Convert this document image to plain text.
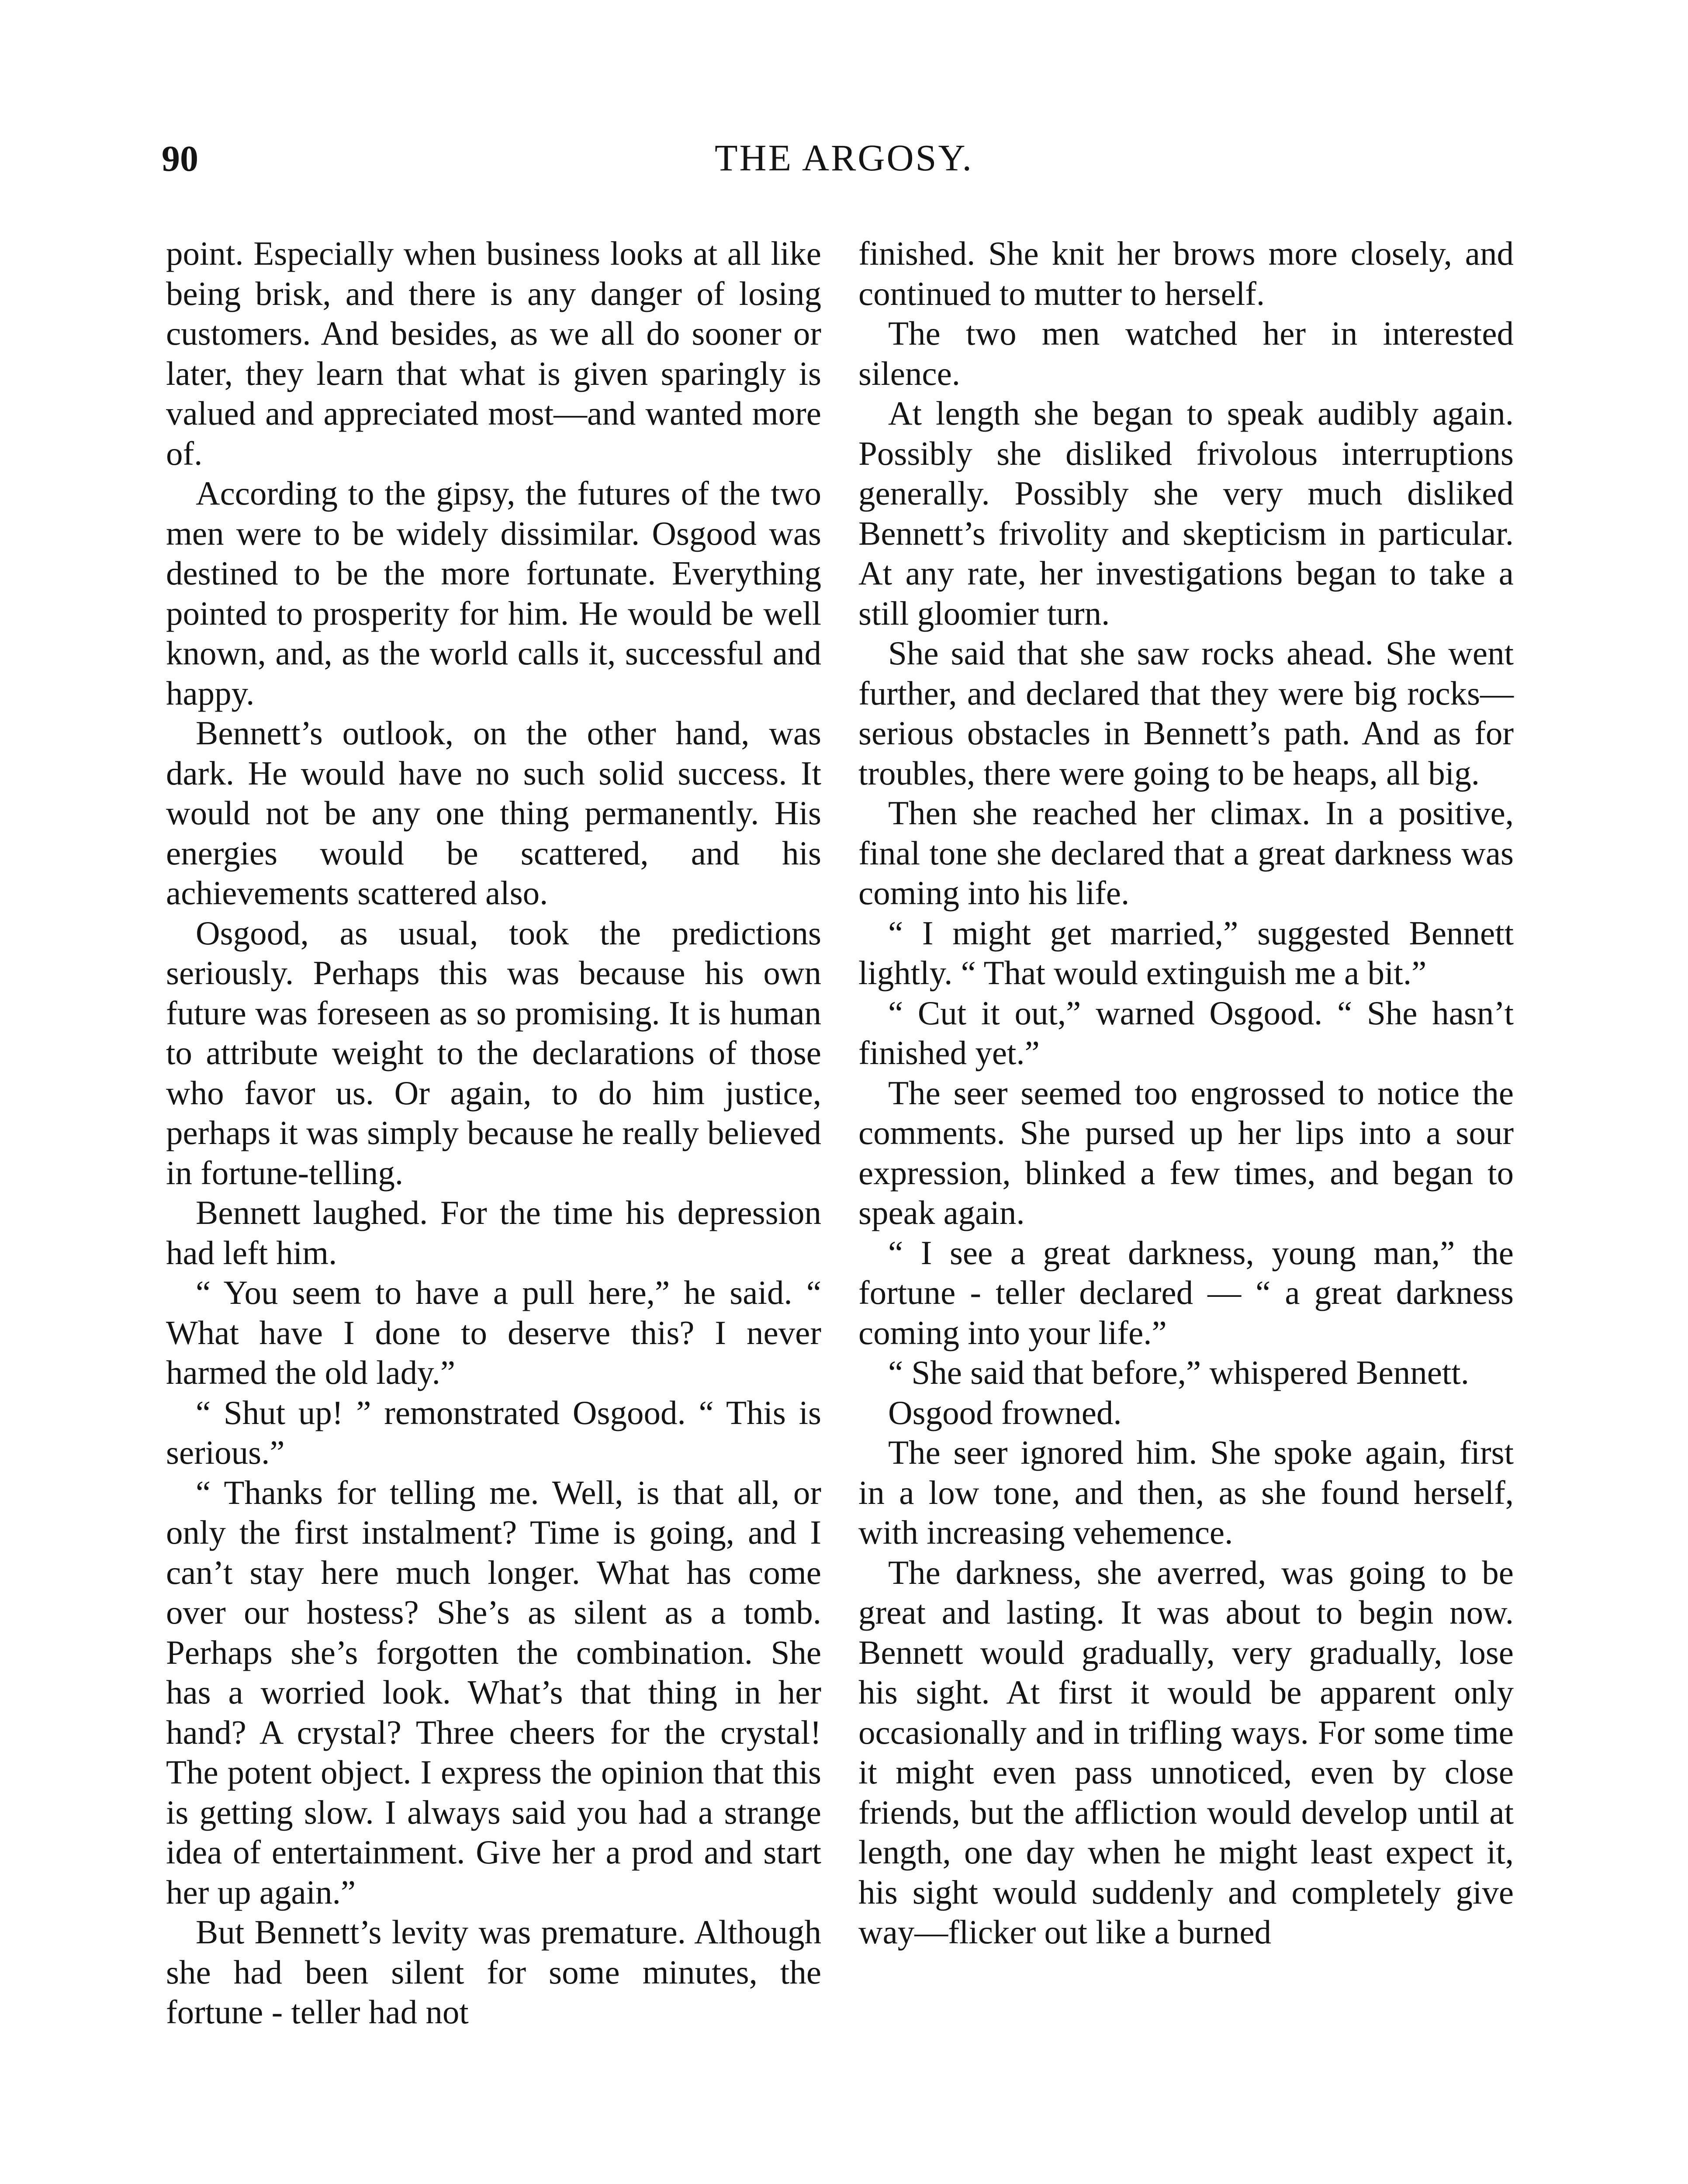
90	THE ARGOSY.

point. Especially when business looks at all like being brisk, and there is any danger of losing customers. And besides, as we all do sooner or later, they learn that what is given sparingly is valued and appreciated most—and wanted more of.

According to the gipsy, the futures of the two men were to be widely dissimilar. Osgood was destined to be the more fortunate. Everything pointed to prosperity for him. He would be well known, and, as the world calls it, successful and happy.

Bennett’s outlook, on the other hand, was dark. He would have no such solid success. It would not be any one thing permanently. His energies would be scattered, and his achievements scattered also.

Osgood, as usual, took the predictions seriously. Perhaps this was because his own future was foreseen as so promising. It is human to attribute weight to the declarations of those who favor us. Or again, to do him justice, perhaps it was simply because he really believed in fortune-telling.

Bennett laughed. For the time his depression had left him.

“ You seem to have a pull here,” he said. “ What have I done to deserve this? I never harmed the old lady.”

“ Shut up! ” remonstrated Osgood. “ This is serious.”

“ Thanks for telling me. Well, is that all, or only the first instalment? Time is going, and I can’t stay here much longer. What has come over our hostess? She’s as silent as a tomb. Perhaps she’s forgotten the combination. She has a worried look. What’s that thing in her hand? A crystal? Three cheers for the crystal! The potent object. I express the opinion that this is getting slow. I always said you had a strange idea of entertainment. Give her a prod and start her up again.”

But Bennett’s levity was premature. Although she had been silent for some minutes, the fortune - teller had not

finished. She knit her brows more closely, and continued to mutter to herself.

The two men watched her in interested silence.

At length she began to speak audibly again. Possibly she disliked frivolous interruptions generally. Possibly she very much disliked Bennett’s frivolity and skepticism in particular. At any rate, her investigations began to take a still gloomier turn.

She said that she saw rocks ahead. She went further, and declared that they were big rocks—serious obstacles in Bennett’s path. And as for troubles, there were going to be heaps, all big.

Then she reached her climax. In a positive, final tone she declared that a great darkness was coming into his life.

“ I might get married,” suggested Bennett lightly. “ That would extinguish me a bit.”

“ Cut it out,” warned Osgood. “ She hasn’t finished yet.”

The seer seemed too engrossed to notice the comments. She pursed up her lips into a sour expression, blinked a few times, and began to speak again.

“ I see a great darkness, young man,” the fortune - teller declared — “ a great darkness coming into your life.”

“ She said that before,” whispered Bennett.

Osgood frowned.

The seer ignored him. She spoke again, first in a low tone, and then, as she found herself, with increasing vehemence.

The darkness, she averred, was going to be great and lasting. It was about to begin now. Bennett would gradually, very gradually, lose his sight. At first it would be apparent only occasionally and in trifling ways. For some time it might even pass unnoticed, even by close friends, but the affliction would develop until at length, one day when he might least expect it, his sight would suddenly and completely give way—flicker out like a burned
